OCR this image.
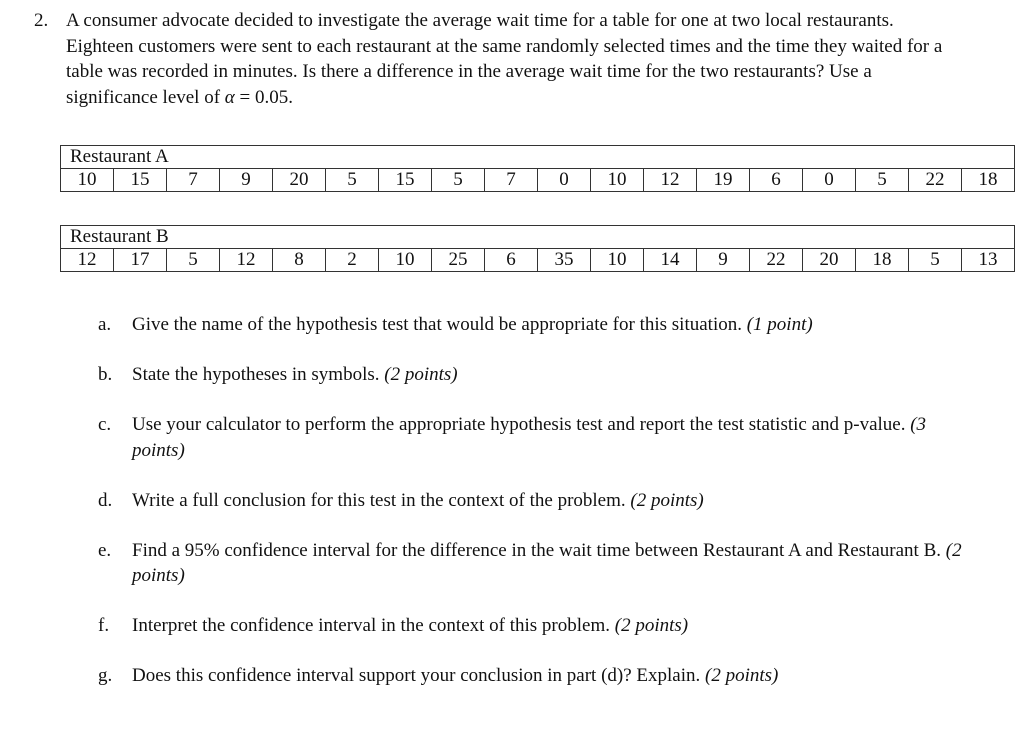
2. A consumer advocate decided to investigate the average wait time for a table for one at two local restaurants. Eighteen customers were sent to each restaurant at the same randomly selected times and the time they waited for a table was recorded in minutes. Is there a difference in the average wait time for the two restaurants? Use a significance level of α = 0.05.
Restaurant A
10	15	7	9	20	5	15	5	7	0	10	12	19	6	0	5	22	18
Restaurant B
12	17	5	12	8	2	10	25	6	35	10	14	9	22	20	18	5	13
a. Give the name of the hypothesis test that would be appropriate for this situation. (1 point)
b. State the hypotheses in symbols. (2 points)
c. Use your calculator to perform the appropriate hypothesis test and report the test statistic and p-value. (3 points)
d. Write a full conclusion for this test in the context of the problem. (2 points)
e. Find a 95% confidence interval for the difference in the wait time between Restaurant A and Restaurant B. (2 points)
f. Interpret the confidence interval in the context of this problem. (2 points)
g. Does this confidence interval support your conclusion in part (d)? Explain. (2 points)
